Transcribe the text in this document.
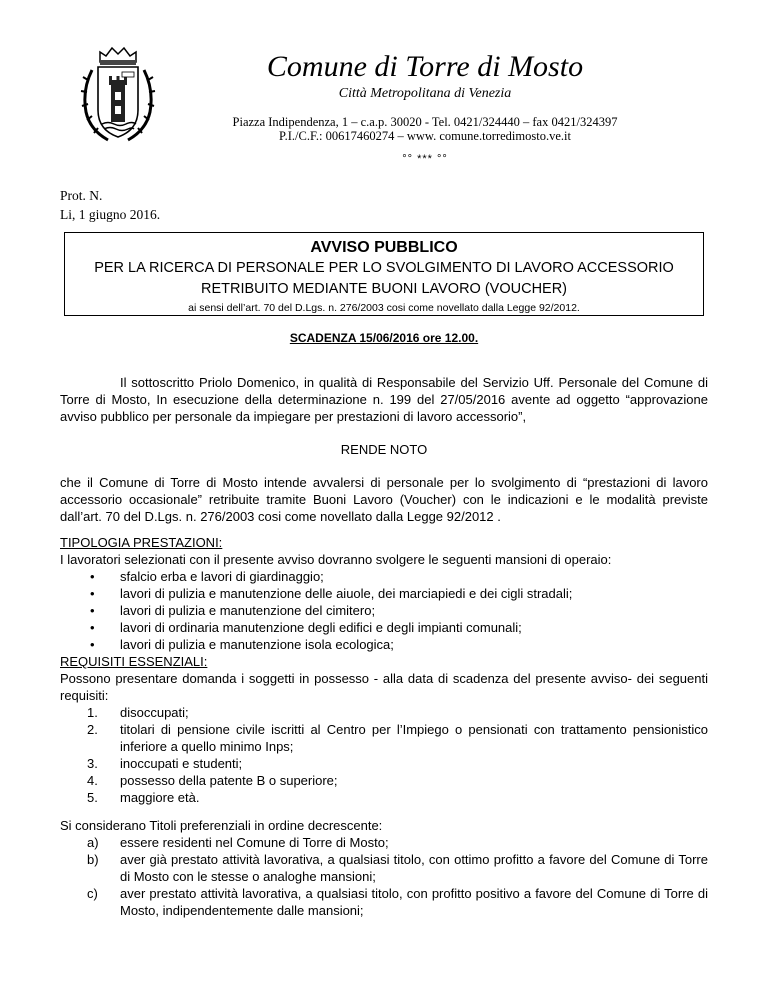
Comune di Torre di Mosto
Città Metropolitana di Venezia
Piazza Indipendenza, 1 – c.a.p. 30020 - Tel. 0421/324440 – fax 0421/324397
P.I./C.F.: 00617460274 – www. comune.torredimosto.ve.it
°° *** °°
Prot. N.
Li, 1 giugno 2016.
AVVISO PUBBLICO
PER LA RICERCA DI PERSONALE PER LO SVOLGIMENTO DI LAVORO ACCESSORIO
RETRIBUITO MEDIANTE BUONI LAVORO (VOUCHER)
ai sensi dell’art. 70 del D.Lgs. n. 276/2003 cosi come novellato dalla Legge 92/2012.
SCADENZA 15/06/2016 ore 12.00.
Il sottoscritto Priolo Domenico, in qualità di Responsabile del Servizio Uff. Personale del Comune di Torre di Mosto, In esecuzione della determinazione n. 199 del 27/05/2016 avente ad oggetto “approvazione avviso pubblico per personale da impiegare per prestazioni di lavoro accessorio”,
RENDE NOTO
che il Comune di Torre di Mosto intende avvalersi di personale per lo svolgimento di “prestazioni di lavoro accessorio occasionale” retribuite tramite Buoni Lavoro (Voucher) con le indicazioni e le modalità previste dall’art. 70 del D.Lgs. n. 276/2003 cosi come novellato dalla Legge 92/2012 .
TIPOLOGIA PRESTAZIONI:
I lavoratori selezionati con il presente avviso dovranno svolgere le seguenti mansioni di operaio:
• sfalcio erba e lavori di giardinaggio;
• lavori di pulizia e manutenzione delle aiuole, dei marciapiedi e dei cigli stradali;
• lavori di pulizia e manutenzione del cimitero;
• lavori di ordinaria manutenzione degli edifici e degli impianti comunali;
• lavori di pulizia e manutenzione isola ecologica;
REQUISITI ESSENZIALI:
Possono presentare domanda i soggetti in possesso - alla data di scadenza del presente avviso- dei seguenti requisiti:
1. disoccupati;
2. titolari di pensione civile iscritti al Centro per l’Impiego o pensionati con trattamento pensionistico inferiore a quello minimo Inps;
3. inoccupati e studenti;
4. possesso della patente B o superiore;
5. maggiore età.
Si considerano Titoli preferenziali in ordine decrescente:
a) essere residenti nel Comune di Torre di Mosto;
b) aver già prestato attività lavorativa, a qualsiasi titolo, con ottimo profitto a favore del Comune di Torre di Mosto con le stesse o analoghe mansioni;
c) aver prestato attività lavorativa, a qualsiasi titolo, con profitto positivo a favore del Comune di Torre di Mosto, indipendentemente dalle mansioni;
